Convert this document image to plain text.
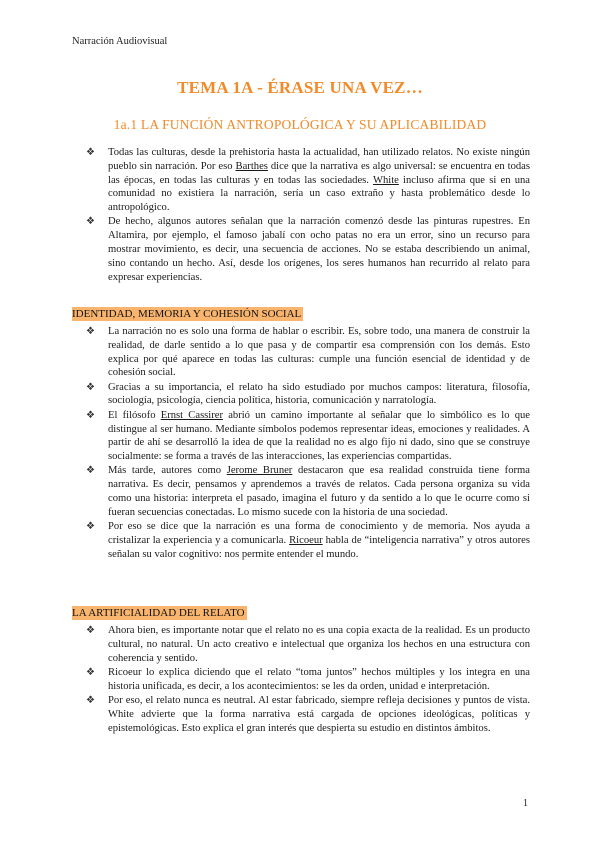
Narración Audiovisual
TEMA 1A - ÉRASE UNA VEZ…
1a.1 LA FUNCIÓN ANTROPOLÓGICA Y SU APLICABILIDAD
❖ Todas las culturas, desde la prehistoria hasta la actualidad, han utilizado relatos. No existe ningún pueblo sin narración. Por eso Barthes dice que la narrativa es algo universal: se encuentra en todas las épocas, en todas las culturas y en todas las sociedades. White incluso afirma que si en una comunidad no existiera la narración, sería un caso extraño y hasta problemático desde lo antropológico.
❖ De hecho, algunos autores señalan que la narración comenzó desde las pinturas rupestres. En Altamira, por ejemplo, el famoso jabalí con ocho patas no era un error, sino un recurso para mostrar movimiento, es decir, una secuencia de acciones. No se estaba describiendo un animal, sino contando un hecho. Así, desde los orígenes, los seres humanos han recurrido al relato para expresar experiencias.
IDENTIDAD, MEMORIA Y COHESIÓN SOCIAL
❖ La narración no es solo una forma de hablar o escribir. Es, sobre todo, una manera de construir la realidad, de darle sentido a lo que pasa y de compartir esa comprensión con los demás. Esto explica por qué aparece en todas las culturas: cumple una función esencial de identidad y de cohesión social.
❖ Gracias a su importancia, el relato ha sido estudiado por muchos campos: literatura, filosofía, sociología, psicología, ciencia política, historia, comunicación y narratología.
❖ El filósofo Ernst Cassirer abrió un camino importante al señalar que lo simbólico es lo que distingue al ser humano. Mediante símbolos podemos representar ideas, emociones y realidades. A partir de ahí se desarrolló la idea de que la realidad no es algo fijo ni dado, sino que se construye socialmente: se forma a través de las interacciones, las experiencias compartidas.
❖ Más tarde, autores como Jerome Bruner destacaron que esa realidad construida tiene forma narrativa. Es decir, pensamos y aprendemos a través de relatos. Cada persona organiza su vida como una historia: interpreta el pasado, imagina el futuro y da sentido a lo que le ocurre como si fueran secuencias conectadas. Lo mismo sucede con la historia de una sociedad.
❖ Por eso se dice que la narración es una forma de conocimiento y de memoria. Nos ayuda a cristalizar la experiencia y a comunicarla. Ricoeur habla de “inteligencia narrativa” y otros autores señalan su valor cognitivo: nos permite entender el mundo.
LA ARTIFICIALIDAD DEL RELATO
❖ Ahora bien, es importante notar que el relato no es una copia exacta de la realidad. Es un producto cultural, no natural. Un acto creativo e intelectual que organiza los hechos en una estructura con coherencia y sentido.
❖ Ricoeur lo explica diciendo que el relato “toma juntos” hechos múltiples y los integra en una historia unificada, es decir, a los acontecimientos: se les da orden, unidad e interpretación.
❖ Por eso, el relato nunca es neutral. Al estar fabricado, siempre refleja decisiones y puntos de vista. White advierte que la forma narrativa está cargada de opciones ideológicas, políticas y epistemológicas. Esto explica el gran interés que despierta su estudio en distintos ámbitos.
1
